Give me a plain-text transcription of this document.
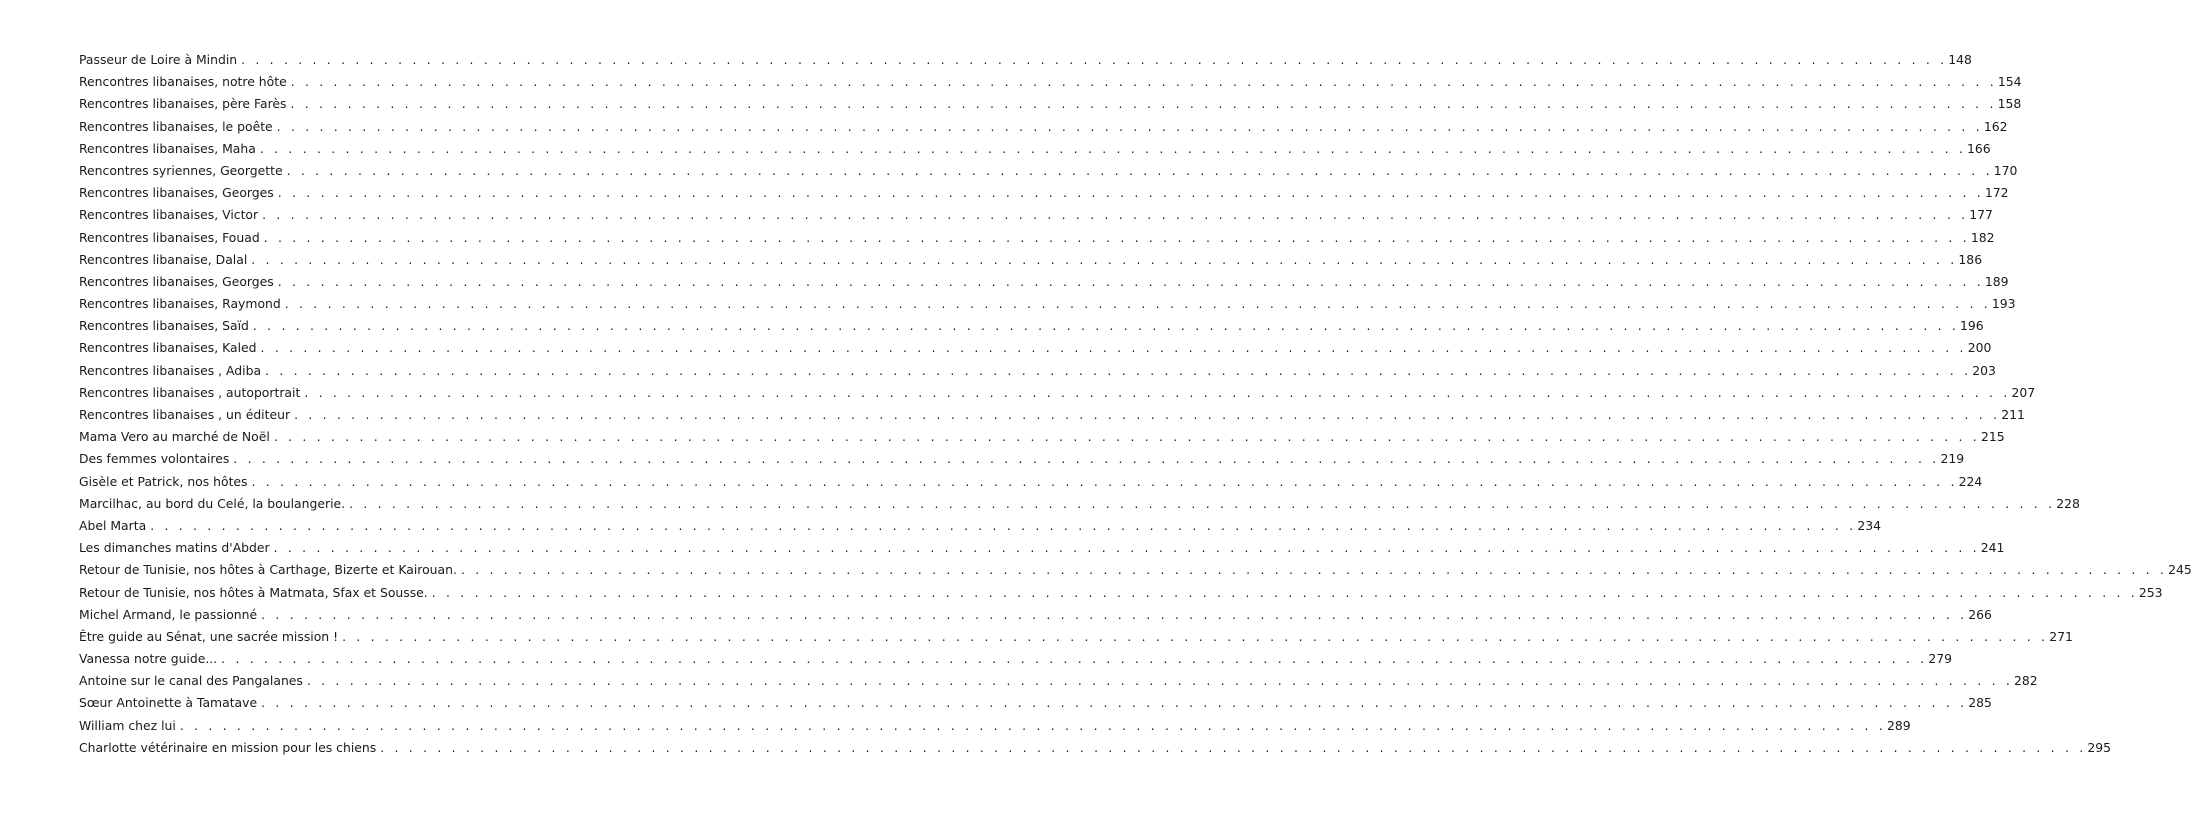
Passeur de Loire à Mindin . . . . . . . . . . . . . . . . . . . . . . . . . . . . . . . . . . . . . . . . . . . . . . . . . . . . . . . . . . . . . . . . . . . . . . . . . . . . . . . . . . . . . . . . . . . . . . . . . . . . . . . . . . . . . . . . . . . . . . . . 148
Rencontres libanaises, notre hôte . . . . . . . . . . . . . . . . . . . . . . . . . . . . . . . . . . . . . . . . . . . . . . . . . . . . . . . . . . . . . . . . . . . . . . . . . . . . . . . . . . . . . . . . . . . . . . . . . . . . . . . . . . . . . . . . . . . . . . . . 154
Rencontres libanaises, père Farès . . . . . . . . . . . . . . . . . . . . . . . . . . . . . . . . . . . . . . . . . . . . . . . . . . . . . . . . . . . . . . . . . . . . . . . . . . . . . . . . . . . . . . . . . . . . . . . . . . . . . . . . . . . . . . . . . . . . . . . . 158
Rencontres libanaises, le poête . . . . . . . . . . . . . . . . . . . . . . . . . . . . . . . . . . . . . . . . . . . . . . . . . . . . . . . . . . . . . . . . . . . . . . . . . . . . . . . . . . . . . . . . . . . . . . . . . . . . . . . . . . . . . . . . . . . . . . . . 162
Rencontres libanaises, Maha . . . . . . . . . . . . . . . . . . . . . . . . . . . . . . . . . . . . . . . . . . . . . . . . . . . . . . . . . . . . . . . . . . . . . . . . . . . . . . . . . . . . . . . . . . . . . . . . . . . . . . . . . . . . . . . . . . . . . . . . 166
Rencontres syriennes, Georgette . . . . . . . . . . . . . . . . . . . . . . . . . . . . . . . . . . . . . . . . . . . . . . . . . . . . . . . . . . . . . . . . . . . . . . . . . . . . . . . . . . . . . . . . . . . . . . . . . . . . . . . . . . . . . . . . . . . . . . . . 170
Rencontres libanaises, Georges . . . . . . . . . . . . . . . . . . . . . . . . . . . . . . . . . . . . . . . . . . . . . . . . . . . . . . . . . . . . . . . . . . . . . . . . . . . . . . . . . . . . . . . . . . . . . . . . . . . . . . . . . . . . . . . . . . . . . . . . 172
Rencontres libanaises, Victor . . . . . . . . . . . . . . . . . . . . . . . . . . . . . . . . . . . . . . . . . . . . . . . . . . . . . . . . . . . . . . . . . . . . . . . . . . . . . . . . . . . . . . . . . . . . . . . . . . . . . . . . . . . . . . . . . . . . . . . . 177
Rencontres libanaises, Fouad . . . . . . . . . . . . . . . . . . . . . . . . . . . . . . . . . . . . . . . . . . . . . . . . . . . . . . . . . . . . . . . . . . . . . . . . . . . . . . . . . . . . . . . . . . . . . . . . . . . . . . . . . . . . . . . . . . . . . . . . 182
Rencontres libanaise, Dalal . . . . . . . . . . . . . . . . . . . . . . . . . . . . . . . . . . . . . . . . . . . . . . . . . . . . . . . . . . . . . . . . . . . . . . . . . . . . . . . . . . . . . . . . . . . . . . . . . . . . . . . . . . . . . . . . . . . . . . . . 186
Rencontres libanaises, Georges . . . . . . . . . . . . . . . . . . . . . . . . . . . . . . . . . . . . . . . . . . . . . . . . . . . . . . . . . . . . . . . . . . . . . . . . . . . . . . . . . . . . . . . . . . . . . . . . . . . . . . . . . . . . . . . . . . . . . . . . 189
Rencontres libanaises, Raymond . . . . . . . . . . . . . . . . . . . . . . . . . . . . . . . . . . . . . . . . . . . . . . . . . . . . . . . . . . . . . . . . . . . . . . . . . . . . . . . . . . . . . . . . . . . . . . . . . . . . . . . . . . . . . . . . . . . . . . . . 193
Rencontres libanaises, Saïd . . . . . . . . . . . . . . . . . . . . . . . . . . . . . . . . . . . . . . . . . . . . . . . . . . . . . . . . . . . . . . . . . . . . . . . . . . . . . . . . . . . . . . . . . . . . . . . . . . . . . . . . . . . . . . . . . . . . . . . . 196
Rencontres libanaises, Kaled . . . . . . . . . . . . . . . . . . . . . . . . . . . . . . . . . . . . . . . . . . . . . . . . . . . . . . . . . . . . . . . . . . . . . . . . . . . . . . . . . . . . . . . . . . . . . . . . . . . . . . . . . . . . . . . . . . . . . . . . 200
Rencontres libanaises , Adiba . . . . . . . . . . . . . . . . . . . . . . . . . . . . . . . . . . . . . . . . . . . . . . . . . . . . . . . . . . . . . . . . . . . . . . . . . . . . . . . . . . . . . . . . . . . . . . . . . . . . . . . . . . . . . . . . . . . . . . . . 203
Rencontres libanaises , autoportrait . . . . . . . . . . . . . . . . . . . . . . . . . . . . . . . . . . . . . . . . . . . . . . . . . . . . . . . . . . . . . . . . . . . . . . . . . . . . . . . . . . . . . . . . . . . . . . . . . . . . . . . . . . . . . . . . . . . . . . . . 207
Rencontres libanaises , un éditeur . . . . . . . . . . . . . . . . . . . . . . . . . . . . . . . . . . . . . . . . . . . . . . . . . . . . . . . . . . . . . . . . . . . . . . . . . . . . . . . . . . . . . . . . . . . . . . . . . . . . . . . . . . . . . . . . . . . . . . . . 211
Mama Vero au marché de Noël . . . . . . . . . . . . . . . . . . . . . . . . . . . . . . . . . . . . . . . . . . . . . . . . . . . . . . . . . . . . . . . . . . . . . . . . . . . . . . . . . . . . . . . . . . . . . . . . . . . . . . . . . . . . . . . . . . . . . . . . 215
Des femmes volontaires . . . . . . . . . . . . . . . . . . . . . . . . . . . . . . . . . . . . . . . . . . . . . . . . . . . . . . . . . . . . . . . . . . . . . . . . . . . . . . . . . . . . . . . . . . . . . . . . . . . . . . . . . . . . . . . . . . . . . . . . 219
Gisèle et Patrick, nos hôtes . . . . . . . . . . . . . . . . . . . . . . . . . . . . . . . . . . . . . . . . . . . . . . . . . . . . . . . . . . . . . . . . . . . . . . . . . . . . . . . . . . . . . . . . . . . . . . . . . . . . . . . . . . . . . . . . . . . . . . . . 224
Marcilhac, au bord du Celé, la boulangerie. . . . . . . . . . . . . . . . . . . . . . . . . . . . . . . . . . . . . . . . . . . . . . . . . . . . . . . . . . . . . . . . . . . . . . . . . . . . . . . . . . . . . . . . . . . . . . . . . . . . . . . . . . . . . . . . . . . . . . . . . 228
Abel Marta . . . . . . . . . . . . . . . . . . . . . . . . . . . . . . . . . . . . . . . . . . . . . . . . . . . . . . . . . . . . . . . . . . . . . . . . . . . . . . . . . . . . . . . . . . . . . . . . . . . . . . . . . . . . . . . . . . . . . . . . 234
Les dimanches matins d'Abder . . . . . . . . . . . . . . . . . . . . . . . . . . . . . . . . . . . . . . . . . . . . . . . . . . . . . . . . . . . . . . . . . . . . . . . . . . . . . . . . . . . . . . . . . . . . . . . . . . . . . . . . . . . . . . . . . . . . . . . . 241
Retour de Tunisie, nos hôtes à Carthage, Bizerte et Kairouan. . . . . . . . . . . . . . . . . . . . . . . . . . . . . . . . . . . . . . . . . . . . . . . . . . . . . . . . . . . . . . . . . . . . . . . . . . . . . . . . . . . . . . . . . . . . . . . . . . . . . . . . . . . . . . . . . . . . . . . . . 245
Retour de Tunisie, nos hôtes à Matmata, Sfax et Sousse. . . . . . . . . . . . . . . . . . . . . . . . . . . . . . . . . . . . . . . . . . . . . . . . . . . . . . . . . . . . . . . . . . . . . . . . . . . . . . . . . . . . . . . . . . . . . . . . . . . . . . . . . . . . . . . . . . . . . . . . . 253
Michel Armand, le passionné . . . . . . . . . . . . . . . . . . . . . . . . . . . . . . . . . . . . . . . . . . . . . . . . . . . . . . . . . . . . . . . . . . . . . . . . . . . . . . . . . . . . . . . . . . . . . . . . . . . . . . . . . . . . . . . . . . . . . . . . 266
Être guide au Sénat, une sacrée mission ! . . . . . . . . . . . . . . . . . . . . . . . . . . . . . . . . . . . . . . . . . . . . . . . . . . . . . . . . . . . . . . . . . . . . . . . . . . . . . . . . . . . . . . . . . . . . . . . . . . . . . . . . . . . . . . . . . . . . . . . . 271
Vanessa notre guide... . . . . . . . . . . . . . . . . . . . . . . . . . . . . . . . . . . . . . . . . . . . . . . . . . . . . . . . . . . . . . . . . . . . . . . . . . . . . . . . . . . . . . . . . . . . . . . . . . . . . . . . . . . . . . . . . . . . . . . . . 279
Antoine sur le canal des Pangalanes . . . . . . . . . . . . . . . . . . . . . . . . . . . . . . . . . . . . . . . . . . . . . . . . . . . . . . . . . . . . . . . . . . . . . . . . . . . . . . . . . . . . . . . . . . . . . . . . . . . . . . . . . . . . . . . . . . . . . . . . 282
Sœur Antoinette à Tamatave . . . . . . . . . . . . . . . . . . . . . . . . . . . . . . . . . . . . . . . . . . . . . . . . . . . . . . . . . . . . . . . . . . . . . . . . . . . . . . . . . . . . . . . . . . . . . . . . . . . . . . . . . . . . . . . . . . . . . . . . 285
William chez lui . . . . . . . . . . . . . . . . . . . . . . . . . . . . . . . . . . . . . . . . . . . . . . . . . . . . . . . . . . . . . . . . . . . . . . . . . . . . . . . . . . . . . . . . . . . . . . . . . . . . . . . . . . . . . . . . . . . . . . . . 289
Charlotte vétérinaire en mission pour les chiens . . . . . . . . . . . . . . . . . . . . . . . . . . . . . . . . . . . . . . . . . . . . . . . . . . . . . . . . . . . . . . . . . . . . . . . . . . . . . . . . . . . . . . . . . . . . . . . . . . . . . . . . . . . . . . . . . . . . . . . . 295
